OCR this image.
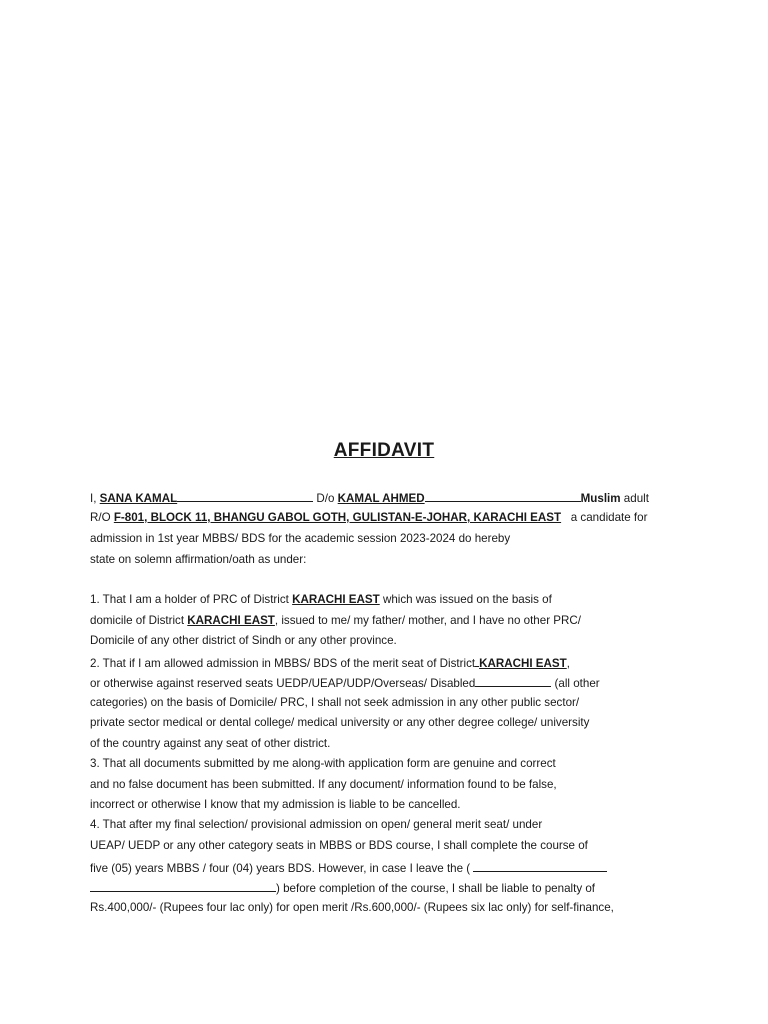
AFFIDAVIT
I, SANA KAMAL	D/o KAMAL AHMED	Muslim adult
R/O F-801, BLOCK 11, BHANGU GABOL GOTH, GULISTAN-E-JOHAR, KARACHI EAST a candidate for
admission in 1st year MBBS/ BDS for the academic session 2023-2024 do hereby
state on solemn affirmation/oath as under:
1. That I am a holder of PRC of District KARACHI EAST which was issued on the basis of
domicile of District KARACHI EAST, issued to me/ my father/ mother, and I have no other PRC/
Domicile of any other district of Sindh or any other province.
2. That if I am allowed admission in MBBS/ BDS of the merit seat of District KARACHI EAST,
or otherwise against reserved seats UEDP/UEAP/UDP/Overseas/ Disabled	(all other
categories) on the basis of Domicile/ PRC, I shall not seek admission in any other public sector/
private sector medical or dental college/ medical university or any other degree college/ university
of the country against any seat of other district.
3. That all documents submitted by me along-with application form are genuine and correct
and no false document has been submitted. If any document/ information found to be false,
incorrect or otherwise I know that my admission is liable to be cancelled.
4. That after my final selection/ provisional admission on open/ general merit seat/ under
UEAP/ UEDP or any other category seats in MBBS or BDS course, I shall complete the course of
five (05) years MBBS / four (04) years BDS. However, in case I leave the (
) before completion of the course, I shall be liable to penalty of
Rs.400,000/- (Rupees four lac only) for open merit /Rs.600,000/- (Rupees six lac only) for self-finance,
